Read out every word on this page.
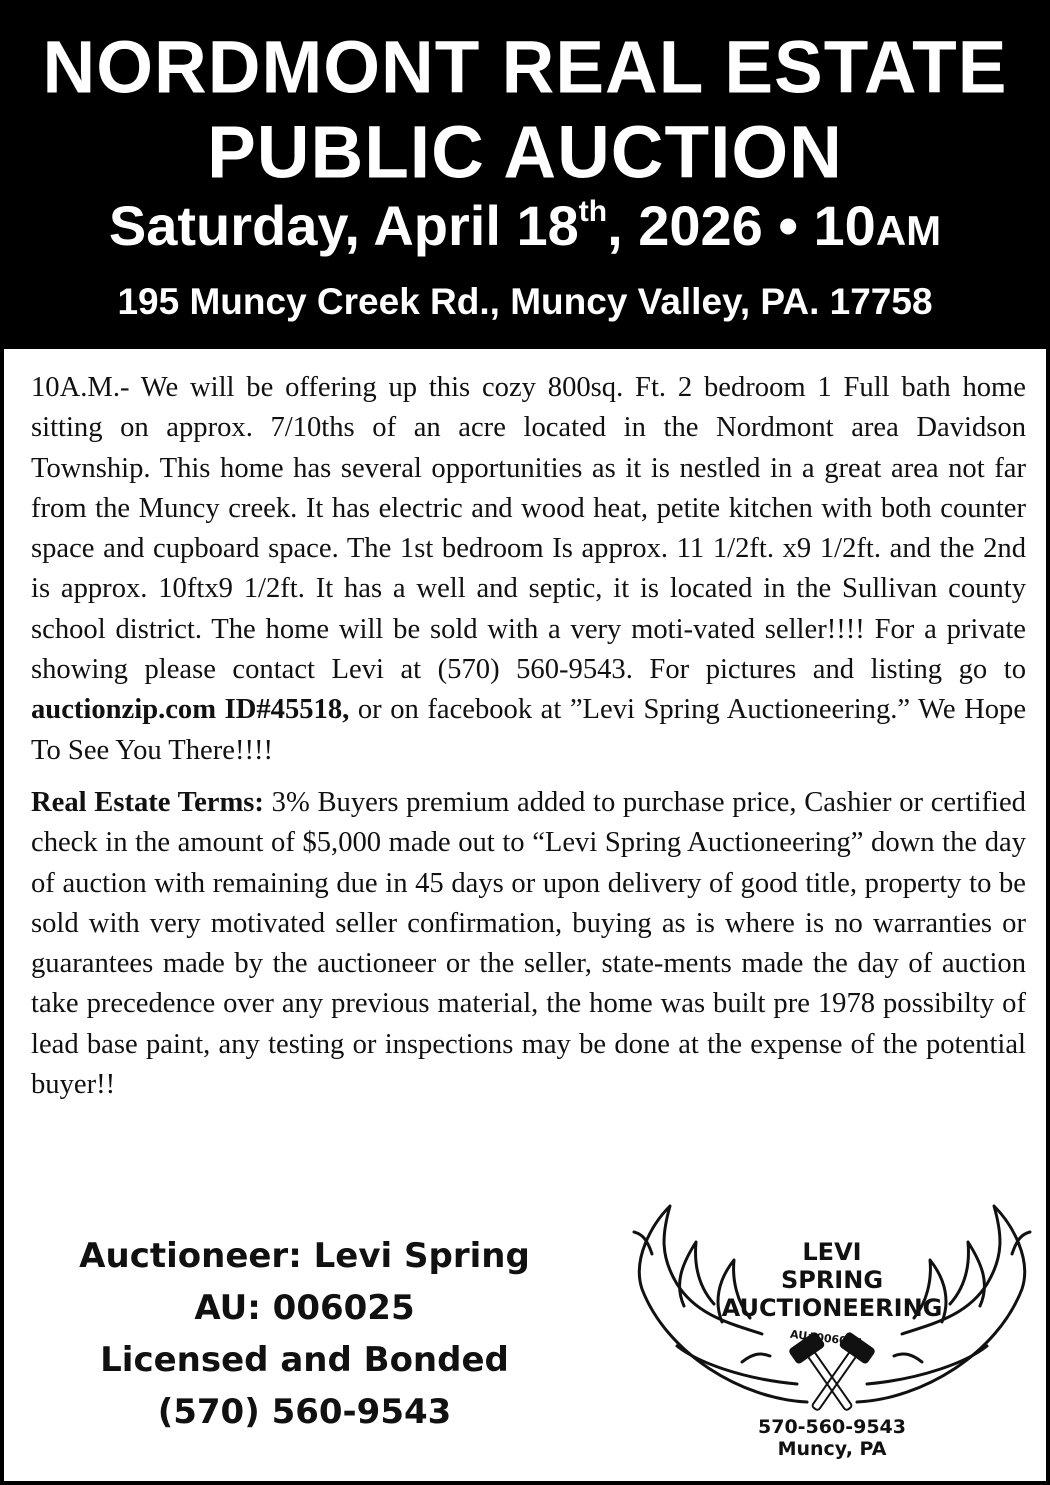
NORDMONT REAL ESTATE
PUBLIC AUCTION
Saturday, April 18th, 2026 • 10AM
195 Muncy Creek Rd., Muncy Valley, PA. 17758

10A.M.- We will be offering up this cozy 800sq. Ft. 2 bedroom 1 Full bath home sitting on approx. 7/10ths of an acre located in the Nordmont area Davidson Township. This home has several opportunities as it is nestled in a great area not far from the Muncy creek. It has electric and wood heat, petite kitchen with both counter space and cupboard space. The 1st bedroom Is approx. 11 1/2ft. x9 1/2ft. and the 2nd is approx. 10ftx9 1/2ft. It has a well and septic, it is located in the Sullivan county school district. The home will be sold with a very moti-vated seller!!!! For a private showing please contact Levi at (570) 560-9543. For pictures and listing go to auctionzip.com ID#45518, or on facebook at ”Levi Spring Auctioneering.” We Hope To See You There!!!!

Real Estate Terms: 3% Buyers premium added to purchase price, Cashier or certified check in the amount of $5,000 made out to “Levi Spring Auctioneering” down the day of auction with remaining due in 45 days or upon delivery of good title, property to be sold with very motivated seller confirmation, buying as is where is no warranties or guarantees made by the auctioneer or the seller, state-ments made the day of auction take precedence over any previous material, the home was built pre 1978 possibilty of lead base paint, any testing or inspections may be done at the expense of the potential buyer!!

Auctioneer: Levi Spring
AU: 006025
Licensed and Bonded
(570) 560-9543
LEVI
SPRING
AUCTIONEERING
AU#006025
570-560-9543
Muncy, PA
